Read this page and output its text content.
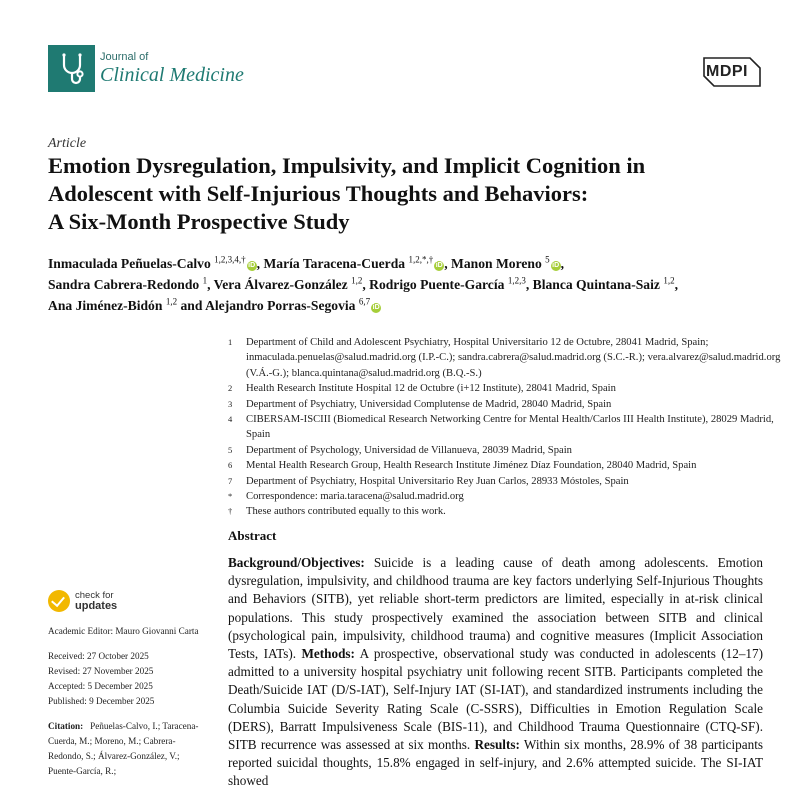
Journal of
Clinical Medicine	MDPI
Article
Emotion Dysregulation, Impulsivity, and Implicit Cognition in
Adolescent with Self-Injurious Thoughts and Behaviors:
A Six-Month Prospective Study
Inmaculada Peñuelas-Calvo $^{1,2,3,4,\dagger}$iD , María Taracena-Cuerda $^{1,2,*,\dagger}$iD , Manon Moreno $^5$iD ,
Sandra Cabrera-Redondo $^1$, Vera Álvarez-González $^{1,2}$, Rodrigo Puente-García $^{1,2,3}$, Blanca Quintana-Saiz $^{1,2}$,
Ana Jiménez-Bidón $^{1,2}$ and Alejandro Porras-Segovia $^{6,7}$iD
1	Department of Child and Adolescent Psychiatry, Hospital Universitario 12 de Octubre, 28041 Madrid, Spain; inmaculada.penuelas@salud.madrid.org (I.P.-C.); sandra.cabrera@salud.madrid.org (S.C.-R.); vera.alvarez@salud.madrid.org (V.Á.-G.); blanca.quintana@salud.madrid.org (B.Q.-S.)
2	Health Research Institute Hospital 12 de Octubre (i+12 Institute), 28041 Madrid, Spain
3	Department of Psychiatry, Universidad Complutense de Madrid, 28040 Madrid, Spain
4	CIBERSAM-ISCIII (Biomedical Research Networking Centre for Mental Health/Carlos III Health Institute), 28029 Madrid, Spain
5	Department of Psychology, Universidad de Villanueva, 28039 Madrid, Spain
6	Mental Health Research Group, Health Research Institute Jiménez Díaz Foundation, 28040 Madrid, Spain
7	Department of Psychiatry, Hospital Universitario Rey Juan Carlos, 28933 Móstoles, Spain
*	Correspondence: maria.taracena@salud.madrid.org
†	These authors contributed equally to this work.
check for
updates

Academic Editor: Mauro Giovanni Carta

Received: 27 October 2025

Revised: 27 November 2025

Accepted: 5 December 2025

Published: 9 December 2025

Citation: Peñuelas-Calvo, I.; Taracena-Cuerda, M.; Moreno, M.; Cabrera-Redondo, S.; Álvarez-González, V.; Puente-García, R.;

Abstract
Background/Objectives: Suicide is a leading cause of death among adolescents. Emotion dysregulation, impulsivity, and childhood trauma are key factors underlying Self-Injurious Thoughts and Behaviors (SITB), yet reliable short-term predictors are limited, especially in at-risk clinical populations. This study prospectively examined the association between SITB and clinical (psychological pain, impulsivity, childhood trauma) and cognitive measures (Implicit Association Tests, IATs). Methods: A prospective, observational study was conducted in adolescents (12–17) admitted to a university hospital psychiatry unit following recent SITB. Participants completed the Death/Suicide IAT (D/S-IAT), Self-Injury IAT (SI-IAT), and standardized instruments including the Columbia Suicide Severity Rating Scale (C-SSRS), Difficulties in Emotion Regulation Scale (DERS), Barratt Impulsiveness Scale (BIS-11), and Childhood Trauma Questionnaire (CTQ-SF). SITB recurrence was assessed at six months. Results: Within six months, 28.9% of 38 participants reported suicidal thoughts, 15.8% engaged in self-injury, and 2.6% attempted suicide. The SI-IAT showed
